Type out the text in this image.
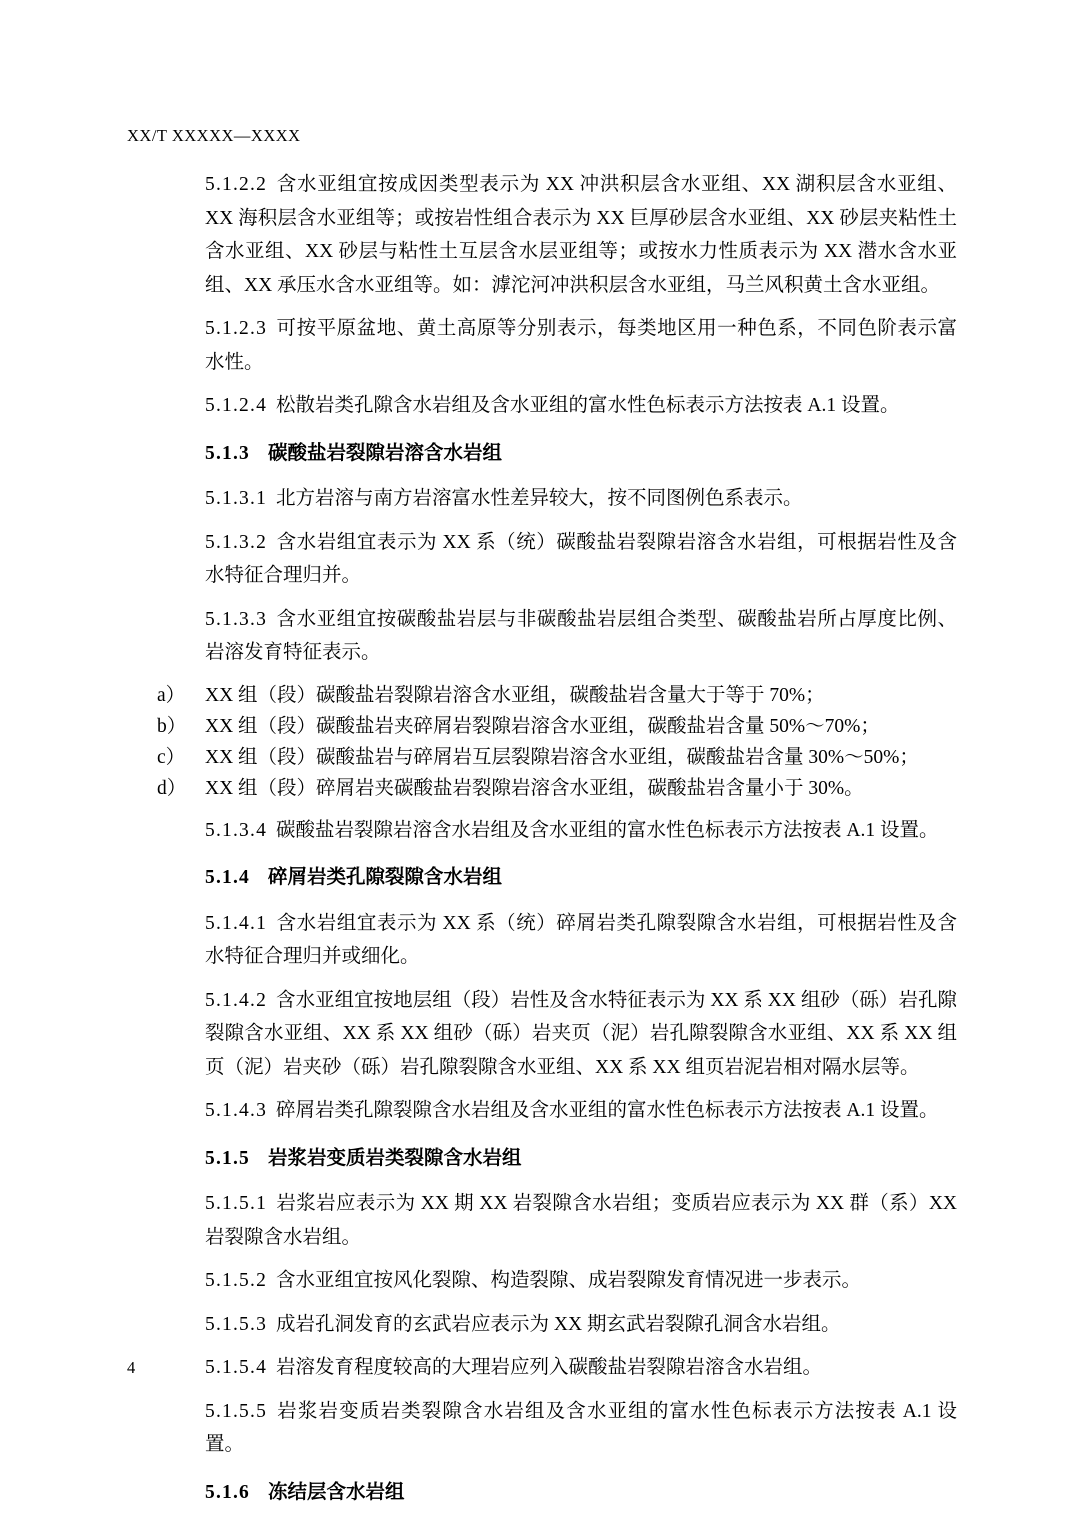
XX/T XXXXX—XXXX

5.1.2.2 含水亚组宜按成因类型表示为 XX 冲洪积层含水亚组、XX 湖积层含水亚组、XX 海积层含水亚组等；或按岩性组合表示为 XX 巨厚砂层含水亚组、XX 砂层夹粘性土含水亚组、XX 砂层与粘性土互层含水层亚组等；或按水力性质表示为 XX 潜水含水亚组、XX 承压水含水亚组等。如：滹沱河冲洪积层含水亚组，马兰风积黄土含水亚组。

5.1.2.3 可按平原盆地、黄土高原等分别表示，每类地区用一种色系，不同色阶表示富水性。

5.1.2.4 松散岩类孔隙含水岩组及含水亚组的富水性色标表示方法按表 A.1 设置。

5.1.3 碳酸盐岩裂隙岩溶含水岩组

5.1.3.1 北方岩溶与南方岩溶富水性差异较大，按不同图例色系表示。

5.1.3.2 含水岩组宜表示为 XX 系（统）碳酸盐岩裂隙岩溶含水岩组，可根据岩性及含水特征合理归并。

5.1.3.3 含水亚组宜按碳酸盐岩层与非碳酸盐岩层组合类型、碳酸盐岩所占厚度比例、岩溶发育特征表示。

a）	XX 组（段）碳酸盐岩裂隙岩溶含水亚组，碳酸盐岩含量大于等于 70%；
b） XX 组（段）碳酸盐岩夹碎屑岩裂隙岩溶含水亚组，碳酸盐岩含量 50%～70%；
c）	XX 组（段）碳酸盐岩与碎屑岩互层裂隙岩溶含水亚组，碳酸盐岩含量 30%～50%；
d） XX 组（段）碎屑岩夹碳酸盐岩裂隙岩溶含水亚组，碳酸盐岩含量小于 30%。

5.1.3.4 碳酸盐岩裂隙岩溶含水岩组及含水亚组的富水性色标表示方法按表 A.1 设置。

5.1.4 碎屑岩类孔隙裂隙含水岩组

5.1.4.1 含水岩组宜表示为 XX 系（统）碎屑岩类孔隙裂隙含水岩组，可根据岩性及含水特征合理归并或细化。

5.1.4.2 含水亚组宜按地层组（段）岩性及含水特征表示为 XX 系 XX 组砂（砾）岩孔隙裂隙含水亚组、XX 系 XX 组砂（砾）岩夹页（泥）岩孔隙裂隙含水亚组、XX 系 XX 组页（泥）岩夹砂（砾）岩孔隙裂隙含水亚组、XX 系 XX 组页岩泥岩相对隔水层等。

5.1.4.3 碎屑岩类孔隙裂隙含水岩组及含水亚组的富水性色标表示方法按表 A.1 设置。

5.1.5 岩浆岩变质岩类裂隙含水岩组

5.1.5.1 岩浆岩应表示为 XX 期 XX 岩裂隙含水岩组；变质岩应表示为 XX 群（系）XX 岩裂隙含水岩组。

5.1.5.2 含水亚组宜按风化裂隙、构造裂隙、成岩裂隙发育情况进一步表示。

5.1.5.3 成岩孔洞发育的玄武岩应表示为 XX 期玄武岩裂隙孔洞含水岩组。

5.1.5.4 岩溶发育程度较高的大理岩应列入碳酸盐岩裂隙岩溶含水岩组。

5.1.5.5 岩浆岩变质岩类裂隙含水岩组及含水亚组的富水性色标表示方法按表 A.1 设置。

5.1.6 冻结层含水岩组

4
